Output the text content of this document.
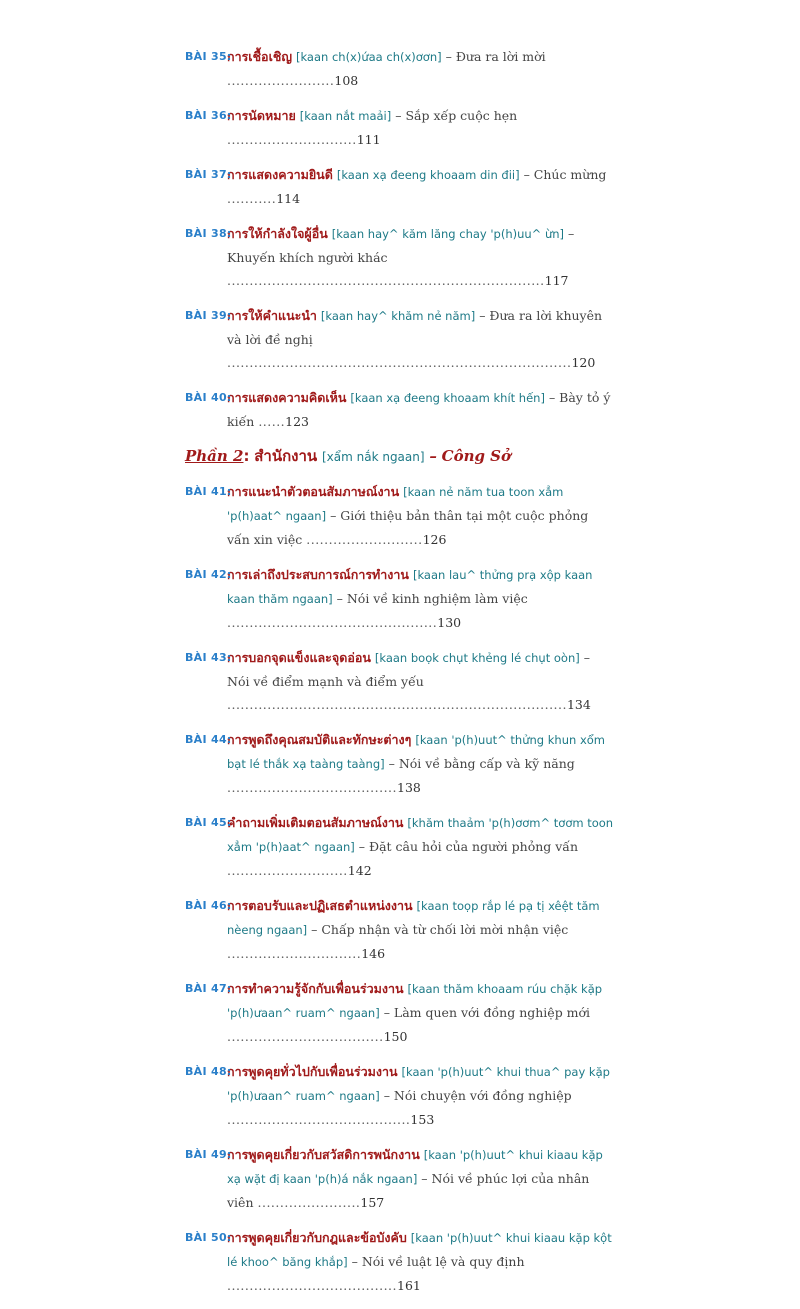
BÀI 35:
การเชื้อเชิญ [kaan ch(x)ứaa ch(x)ơơn] – Đưa ra lời mời ........................108
BÀI 36:
การนัดหมาย [kaan nắt maải] – Sắp xếp cuộc hẹn .............................111
BÀI 37:
การแสดงความยินดี [kaan xạ đeeng khoaam din đii] – Chúc mừng ...........114
BÀI 38:
การให้กำลังใจผู้อื่น [kaan hay^ kăm lăng chay 'p(h)uu^ ừn] – Khuyến khích người khác .......................................................................117
BÀI 39:
การให้คำแนะนำ [kaan hay^ khăm nẻ năm] – Đưa ra lời khuyên và lời đề nghị .............................................................................120
BÀI 40:
การแสดงความคิดเห็น [kaan xạ đeeng khoaam khít hến] – Bày tỏ ý kiến ......123
Phần 2: สำนักงาน [xẩm nắk ngaan] – Công Sở
BÀI 41:
การแนะนำตัวตอนสัมภาษณ์งาน [kaan nẻ năm tua toon xẳm 'p(h)aat^ ngaan] – Giới thiệu bản thân tại một cuộc phỏng vấn xin việc ..........................126
BÀI 42:
การเล่าถึงประสบการณ์การทำงาน [kaan lau^ thửng prạ xộp kaan kaan thăm ngaan] – Nói về kinh nghiệm làm việc ...............................................130
BÀI 43:
การบอกจุดแข็งและจุดอ่อน [kaan boọk chụt khẻng lé chụt oòn] – Nói về điểm mạnh và điểm yếu ............................................................................134
BÀI 44:
การพูดถึงคุณสมบัติและทักษะต่างๆ [kaan 'p(h)uut^ thửng khun xổm bạt lé thắk xạ taàng taàng] – Nói về bằng cấp và kỹ năng ......................................138
BÀI 45:
คำถามเพิ่มเติมตอนสัมภาษณ์งาน [khăm thaảm 'p(h)ơơm^ tơơm toon xẳm 'p(h)aat^ ngaan] – Đặt câu hỏi của người phỏng vấn ...........................142
BÀI 46:
การตอบรับและปฏิเสธตำแหน่งงาน [kaan toọp rắp lé pạ tị xêệt tăm nèeng ngaan] – Chấp nhận và từ chối lời mời nhận việc ..............................146
BÀI 47:
การทำความรู้จักกับเพื่อนร่วมงาน [kaan thăm khoaam rúu chặk kặp 'p(h)ưaan^ ruam^ ngaan] – Làm quen với đồng nghiệp mới ...................................150
BÀI 48:
การพูดคุยทั่วไปกับเพื่อนร่วมงาน [kaan 'p(h)uut^ khui thua^ pay kặp 'p(h)ưaan^ ruam^ ngaan] – Nói chuyện với đồng nghiệp .........................................153
BÀI 49:
การพูดคุยเกี่ยวกับสวัสดิการพนักงาน [kaan 'p(h)uut^ khui kiaau kặp xạ wặt đị kaan 'p(h)á nắk ngaan] – Nói về phúc lợi của nhân viên .......................157
BÀI 50:
การพูดคุยเกี่ยวกับกฎและข้อบังคับ [kaan 'p(h)uut^ khui kiaau kặp kột lé khoo^ băng khắp] – Nói về luật lệ và quy định ......................................161
